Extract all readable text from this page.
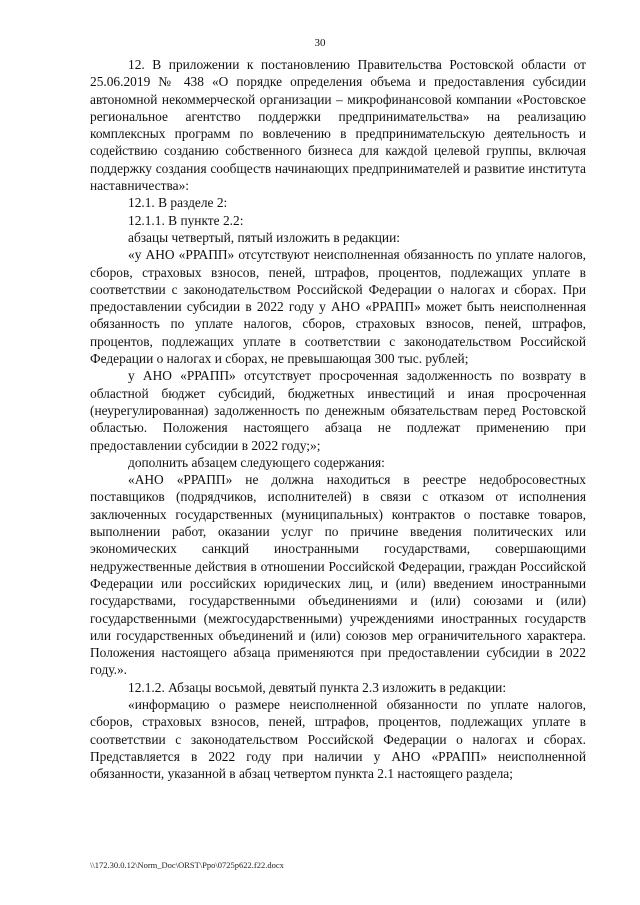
30

12. В приложении к постановлению Правительства Ростовской области от 25.06.2019 № 438 «О порядке определения объема и предоставления субсидии автономной некоммерческой организации – микрофинансовой компании «Ростовское региональное агентство поддержки предпринимательства» на реализацию комплексных программ по вовлечению в предпринимательскую деятельность и содействию созданию собственного бизнеса для каждой целевой группы, включая поддержку создания сообществ начинающих предпринимателей и развитие института наставничества»:

12.1. В разделе 2:

12.1.1. В пункте 2.2:

абзацы четвертый, пятый изложить в редакции:

«у АНО «РРАПП» отсутствуют неисполненная обязанность по уплате налогов, сборов, страховых взносов, пеней, штрафов, процентов, подлежащих уплате в соответствии с законодательством Российской Федерации о налогах и сборах. При предоставлении субсидии в 2022 году у АНО «РРАПП» может быть неисполненная обязанность по уплате налогов, сборов, страховых взносов, пеней, штрафов, процентов, подлежащих уплате в соответствии с законодательством Российской Федерации о налогах и сборах, не превышающая 300 тыс. рублей;

у АНО «РРАПП» отсутствует просроченная задолженность по возврату в областной бюджет субсидий, бюджетных инвестиций и иная просроченная (неурегулированная) задолженность по денежным обязательствам перед Ростовской областью. Положения настоящего абзаца не подлежат применению при предоставлении субсидии в 2022 году;»;

дополнить абзацем следующего содержания:

«АНО «РРАПП» не должна находиться в реестре недобросовестных поставщиков (подрядчиков, исполнителей) в связи с отказом от исполнения заключенных государственных (муниципальных) контрактов о поставке товаров, выполнении работ, оказании услуг по причине введения политических или экономических санкций иностранными государствами, совершающими недружественные действия в отношении Российской Федерации, граждан Российской Федерации или российских юридических лиц, и (или) введением иностранными государствами, государственными объединениями и (или) союзами и (или) государственными (межгосударственными) учреждениями иностранных государств или государственных объединений и (или) союзов мер ограничительного характера. Положения настоящего абзаца применяются при предоставлении субсидии в 2022 году.».

12.1.2. Абзацы восьмой, девятый пункта 2.3 изложить в редакции:

«информацию о размере неисполненной обязанности по уплате налогов, сборов, страховых взносов, пеней, штрафов, процентов, подлежащих уплате в соответствии с законодательством Российской Федерации о налогах и сборах. Представляется в 2022 году при наличии у АНО «РРАПП» неисполненной обязанности, указанной в абзац четвертом пункта 2.1 настоящего раздела;

\\172.30.0.12\Norm_Doc\ORST\Ppo\0725p622.f22.docx
